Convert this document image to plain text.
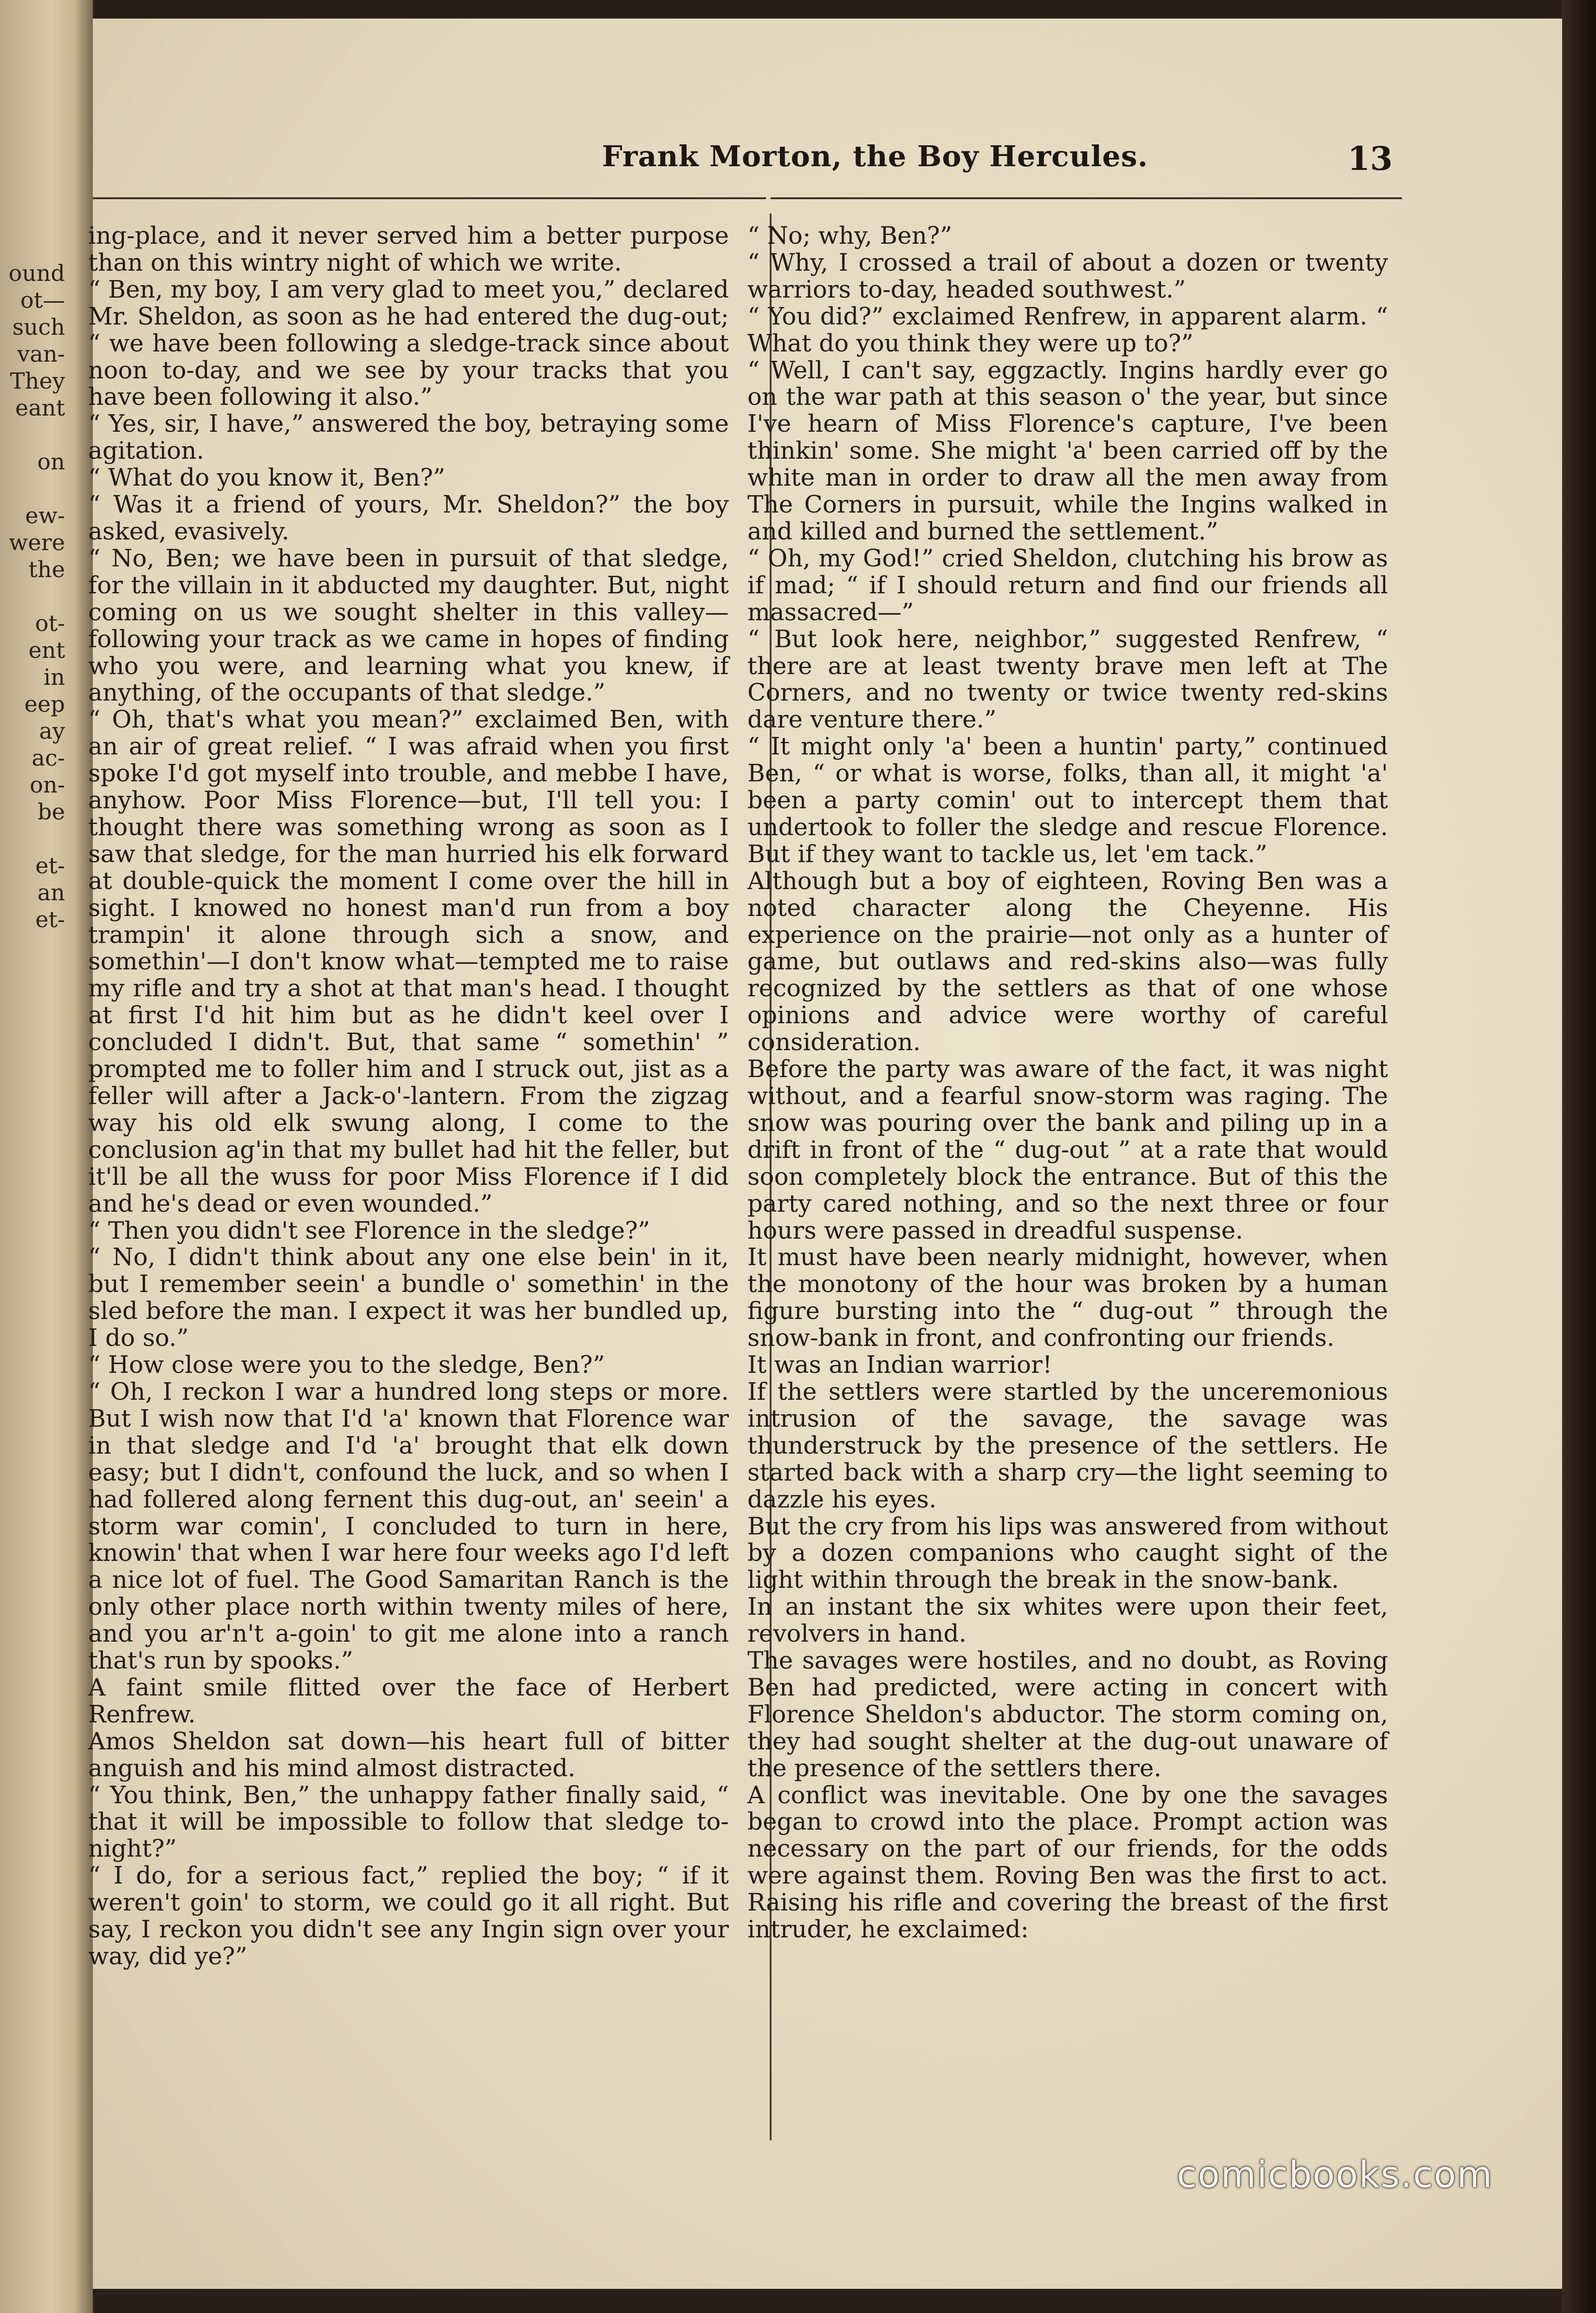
ound
ot—
such
van-
They
eant

on

ew-
were
the

ot-
ent
in
eep
ay
ac-
on-
be

et-
an
et-
Frank Morton, the Boy Hercules.	13

ing-place, and it never served him a better purpose than on this wintry night of which we write.

“ Ben, my boy, I am very glad to meet you,” declared Mr. Sheldon, as soon as he had entered the dug-out; “ we have been following a sledge-track since about noon to-day, and we see by your tracks that you have been following it also.”

“ Yes, sir, I have,” answered the boy, betraying some agitation.

“ What do you know it, Ben?”

“ Was it a friend of yours, Mr. Sheldon?” the boy asked, evasively.

“ No, Ben; we have been in pursuit of that sledge, for the villain in it abducted my daughter. But, night coming on us we sought shelter in this valley—following your track as we came in hopes of finding who you were, and learning what you knew, if anything, of the occupants of that sledge.”

“ Oh, that's what you mean?” exclaimed Ben, with an air of great relief. “ I was afraid when you first spoke I'd got myself into trouble, and mebbe I have, anyhow. Poor Miss Florence—but, I'll tell you: I thought there was something wrong as soon as I saw that sledge, for the man hurried his elk forward at double-quick the moment I come over the hill in sight. I knowed no honest man'd run from a boy trampin' it alone through sich a snow, and somethin'—I don't know what—tempted me to raise my rifle and try a shot at that man's head. I thought at first I'd hit him but as he didn't keel over I concluded I didn't. But, that same “ somethin' ” prompted me to foller him and I struck out, jist as a feller will after a Jack-o'-lantern. From the zigzag way his old elk swung along, I come to the conclusion ag'in that my bullet had hit the feller, but it'll be all the wuss for poor Miss Florence if I did and he's dead or even wounded.”

“ Then you didn't see Florence in the sledge?”

“ No, I didn't think about any one else bein' in it, but I remember seein' a bundle o' somethin' in the sled before the man. I expect it was her bundled up, I do so.”

“ How close were you to the sledge, Ben?”

“ Oh, I reckon I war a hundred long steps or more. But I wish now that I'd 'a' known that Florence war in that sledge and I'd 'a' brought that elk down easy; but I didn't, confound the luck, and so when I had follered along fernent this dug-out, an' seein' a storm war comin', I concluded to turn in here, knowin' that when I war here four weeks ago I'd left a nice lot of fuel. The Good Samaritan Ranch is the only other place north within twenty miles of here, and you ar'n't a-goin' to git me alone into a ranch that's run by spooks.”

A faint smile flitted over the face of Herbert Renfrew.

Amos Sheldon sat down—his heart full of bitter anguish and his mind almost distracted.

“ You think, Ben,” the unhappy father finally said, “ that it will be impossible to follow that sledge to-night?”

“ I do, for a serious fact,” replied the boy; “ if it weren't goin' to storm, we could go it all right. But say, I reckon you didn't see any Ingin sign over your way, did ye?”

“ No; why, Ben?”

“ Why, I crossed a trail of about a dozen or twenty warriors to-day, headed southwest.”

“ You did?” exclaimed Renfrew, in apparent alarm. “ What do you think they were up to?”

“ Well, I can't say, eggzactly. Ingins hardly ever go on the war path at this season o' the year, but since I've hearn of Miss Florence's capture, I've been thinkin' some. She might 'a' been carried off by the white man in order to draw all the men away from The Corners in pursuit, while the Ingins walked in and killed and burned the settlement.”

“ Oh, my God!” cried Sheldon, clutching his brow as if mad; “ if I should return and find our friends all massacred—”

“ But look here, neighbor,” suggested Renfrew, “ there are at least twenty brave men left at The Corners, and no twenty or twice twenty red-skins dare venture there.”

“ It might only 'a' been a huntin' party,” continued Ben, “ or what is worse, folks, than all, it might 'a' been a party comin' out to intercept them that undertook to foller the sledge and rescue Florence. But if they want to tackle us, let 'em tack.”

Although but a boy of eighteen, Roving Ben was a noted character along the Cheyenne. His experience on the prairie—not only as a hunter of game, but outlaws and red-skins also—was fully recognized by the settlers as that of one whose opinions and advice were worthy of careful consideration.

Before the party was aware of the fact, it was night without, and a fearful snow-storm was raging. The snow was pouring over the bank and piling up in a drift in front of the “ dug-out ” at a rate that would soon completely block the entrance. But of this the party cared nothing, and so the next three or four hours were passed in dreadful suspense.

It must have been nearly midnight, however, when the monotony of the hour was broken by a human figure bursting into the “ dug-out ” through the snow-bank in front, and confronting our friends.

It was an Indian warrior!

If the settlers were startled by the unceremonious intrusion of the savage, the savage was thunderstruck by the presence of the settlers. He started back with a sharp cry—the light seeming to dazzle his eyes.

But the cry from his lips was answered from without by a dozen companions who caught sight of the light within through the break in the snow-bank.

In an instant the six whites were upon their feet, revolvers in hand.

The savages were hostiles, and no doubt, as Roving Ben had predicted, were acting in concert with Florence Sheldon's abductor. The storm coming on, they had sought shelter at the dug-out unaware of the presence of the settlers there.

A conflict was inevitable. One by one the savages began to crowd into the place. Prompt action was necessary on the part of our friends, for the odds were against them. Roving Ben was the first to act. Raising his rifle and covering the breast of the first intruder, he exclaimed:

comicbooks.com
